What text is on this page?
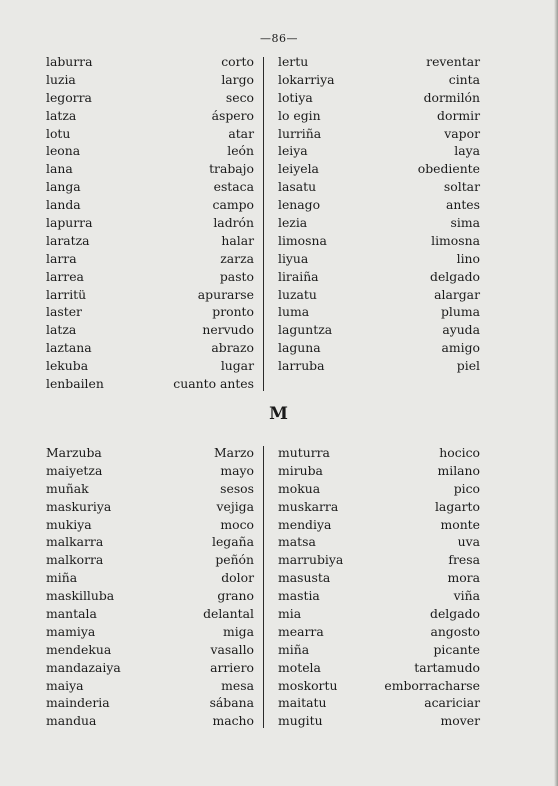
—86—
laburra	corto
luzia	largo
legorra	seco
latza	áspero
lotu	atar
leona	león
lana	trabajo
langa	estaca
landa	campo
lapurra	ladrón
laratza	halar
larra	zarza
larrea	pasto
larritü	apurarse
laster	pronto
latza	nervudo
laztana	abrazo
lekuba	lugar
lenbailen	cuanto antes
lertu	reventar
lokarriya	cinta
lotiya	dormilón
lo egin	dormir
lurriña	vapor
leiya	laya
leiyela	obediente
lasatu	soltar
lenago	antes
lezia	sima
limosna	limosna
liyua	lino
liraiña	delgado
luzatu	alargar
luma	pluma
laguntza	ayuda
laguna	amigo
larruba	piel
M
Marzuba	Marzo
maiyetza	mayo
muñak	sesos
maskuriya	vejiga
mukiya	moco
malkarra	legaña
malkorra	peñón
miña	dolor
maskilluba	grano
mantala	delantal
mamiya	miga
mendekua	vasallo
mandazaiya	arriero
maiya	mesa
mainderia	sábana
mandua	macho
muturra	hocico
miruba	milano
mokua	pico
muskarra	lagarto
mendiya	monte
matsa	uva
marrubiya	fresa
masusta	mora
mastia	viña
mia	delgado
mearra	angosto
miña	picante
motela	tartamudo
moskortu	emborracharse
maitatu	acariciar
mugitu	mover
